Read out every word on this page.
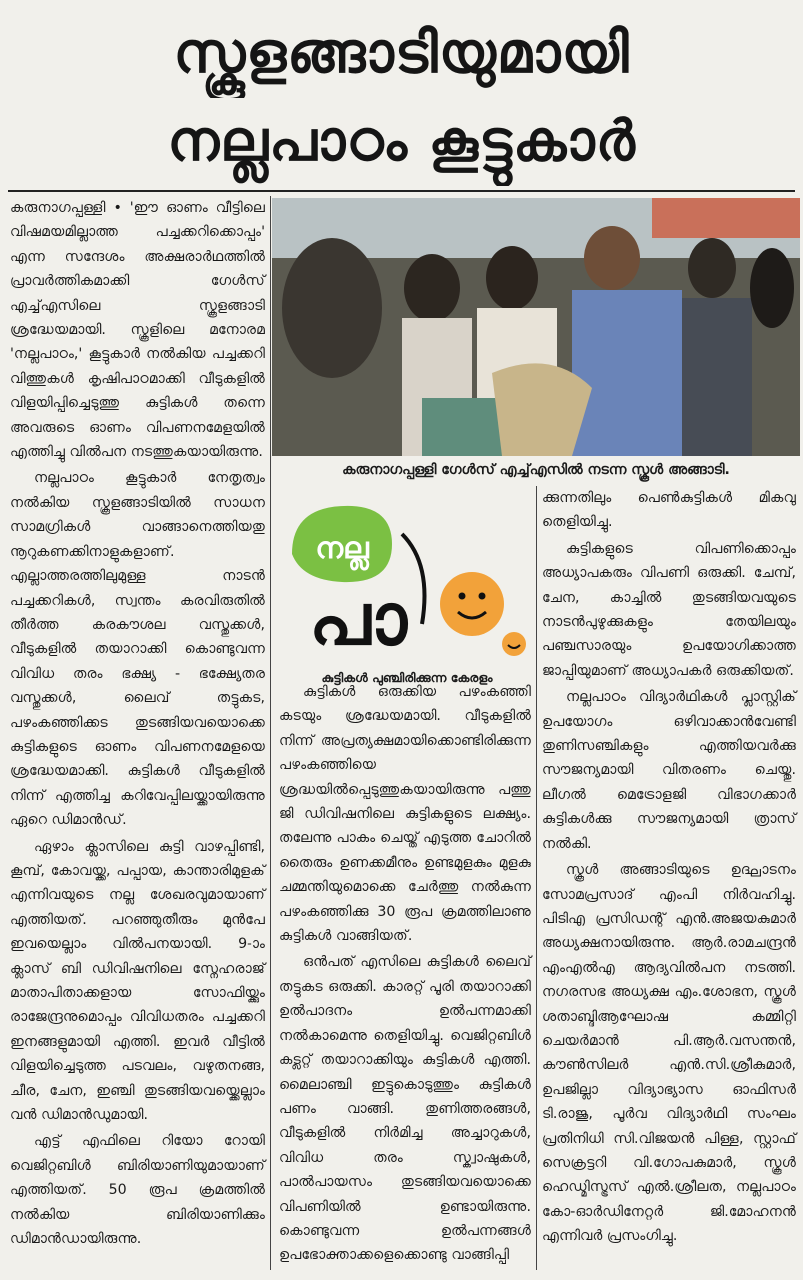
സ്കൂളങ്ങാടിയുമായി
നല്ലപാഠം കൂട്ടുകാർ
കരുനാഗപ്പള്ളി ഗേൾസ് എച്ച്എസിൽ നടന്ന സ്കൂൾ അങ്ങാടി.
നല്ല
പാ
കുട്ടികൾ പുഞ്ചിരിക്കുന്ന കേരളം

കരുനാഗപ്പള്ളി • 'ഈ ഓണം വീട്ടിലെ വിഷമയമില്ലാത്ത പച്ചക്കറിക്കൊപ്പം' എന്ന സന്ദേശം അക്ഷരാർഥത്തിൽ പ്രാവർത്തികമാക്കി ഗേൾസ് എച്ച്എസിലെ സ്കൂളങ്ങാടി ശ്രദ്ധേയമായി. സ്കൂളിലെ മനോരമ 'നല്ലപാഠം,' കൂട്ടുകാർ നൽകിയ പച്ചക്കറി വിത്തുകൾ കൃഷിപാഠമാക്കി വീടുകളിൽ വിളയിപ്പിച്ചെടുത്തു കുട്ടികൾ തന്നെ അവരുടെ ഓണം വിപണനമേളയിൽ എത്തിച്ചു വിൽപന നടത്തുകയായിരുന്നു.

നല്ലപാഠം കൂട്ടുകാർ നേതൃത്വം നൽകിയ സ്കൂളങ്ങാടിയിൽ സാധന സാമഗ്രികൾ വാങ്ങാനെത്തിയതു നൂറുകണക്കിനാളുകളാണ്. എല്ലാത്തരത്തിലുമുള്ള നാടൻ പച്ചക്കറികൾ, സ്വന്തം കരവിരുതിൽ തീർത്ത കരകൗശല വസ്തുക്കൾ, വീടുകളിൽ തയാറാക്കി കൊണ്ടുവന്ന വിവിധ തരം ഭക്ഷ്യ - ഭക്ഷ്യേതര വസ്തുക്കൾ, ലൈവ് തട്ടുകട, പഴംകഞ്ഞിക്കട തുടങ്ങിയവയൊക്കെ കുട്ടികളുടെ ഓണം വിപണനമേളയെ ശ്രദ്ധേയമാക്കി. കുട്ടികൾ വീടുകളിൽ നിന്ന് എത്തിച്ച കറിവേപ്പിലയ്ക്കായിരുന്നു ഏറെ ഡിമാൻഡ്.

ഏഴാം ക്ലാസിലെ കുട്ടി വാഴപ്പിണ്ടി, കൂമ്പ്, കോവയ്ക്ക, പപ്പായ, കാന്താരിമുളക് എന്നിവയുടെ നല്ല ശേഖരവുമായാണ് എത്തിയത്. പറഞ്ഞുതീരും മുൻപേ ഇവയെല്ലാം വിൽപനയായി. 9-ാം ക്ലാസ് ബി ഡിവിഷനിലെ സ്നേഹരാജ് മാതാപിതാക്കളായ സോഫിയ്ക്കും രാജേന്ദ്രനുമൊപ്പം വിവിധതരം പച്ചക്കറി ഇനങ്ങളുമായി എത്തി. ഇവർ വീട്ടിൽ വിളയിച്ചെടുത്ത പടവലം, വഴുതനങ്ങ, ചീര, ചേന, ഇഞ്ചി തുടങ്ങിയവയ്ക്കെല്ലാം വൻ ഡിമാൻഡുമായി.

എട്ട് എഫിലെ റിയോ റോയി വെജിറ്റബിൾ ബിരിയാണിയുമായാണ് എത്തിയത്. 50 രൂപ ക്രമത്തിൽ നൽകിയ ബിരിയാണിക്കും ഡിമാൻഡായിരുന്നു.

കുട്ടികൾ ഒരുക്കിയ പഴംകഞ്ഞി കടയും ശ്രദ്ധേയമായി. വീടുകളിൽ നിന്ന് അപ്രത്യക്ഷമായിക്കൊണ്ടിരിക്കുന്ന പഴംകഞ്ഞിയെ ശ്രദ്ധയിൽപ്പെടുത്തുകയായിരുന്നു പത്തു ജി ഡിവിഷനിലെ കുട്ടികളുടെ ലക്ഷ്യം. തലേന്നു പാകം ചെയ്ത് എടുത്ത ചോറിൽ തൈരും ഉണക്കമീനും ഉണ്ടമുളകും മുളകു ചമ്മന്തിയുമൊക്കെ ചേർത്തു നൽകുന്ന പഴംകഞ്ഞിക്കു 30 രൂപ ക്രമത്തിലാണു കുട്ടികൾ വാങ്ങിയത്.

ഒൻപത് എസിലെ കുട്ടികൾ ലൈവ് തട്ടുകട ഒരുക്കി. കാരറ്റ് പൂരി തയാറാക്കി ഉൽപാദനം ഉൽപന്നമാക്കി നൽകാമെന്നു തെളിയിച്ചു. വെജിറ്റബിൾ കട്ലറ്റ് തയാറാക്കിയും കുട്ടികൾ എത്തി. മൈലാഞ്ചി ഇട്ടുകൊടുത്തും കുട്ടികൾ പണം വാങ്ങി. തുണിത്തരങ്ങൾ, വീടുകളിൽ നിർമിച്ച അച്ചാറുകൾ, വിവിധ തരം സ്ക്വാഷുകൾ, പാൽപായസം തുടങ്ങിയവയൊക്കെ വിപണിയിൽ ഉണ്ടായിരുന്നു. കൊണ്ടുവന്ന ഉൽപന്നങ്ങൾ ഉപഭോക്താക്കളെക്കൊണ്ടു വാങ്ങിപ്പി

ക്കുന്നതിലും പെൺകുട്ടികൾ മികവു തെളിയിച്ചു.

കുട്ടികളുടെ വിപണിക്കൊപ്പം അധ്യാപകരും വിപണി ഒരുക്കി. ചേമ്പ്, ചേന, കാച്ചിൽ തുടങ്ങിയവയുടെ നാടൻപുഴുക്കുകളും തേയിലയും പഞ്ചസാരയും ഉപയോഗിക്കാത്ത ജാപ്പിയുമാണ് അധ്യാപകർ ഒരുക്കിയത്.

നല്ലപാഠം വിദ്യാർഥികൾ പ്ലാസ്റ്റിക് ഉപയോഗം ഒഴിവാക്കാൻവേണ്ടി തുണിസഞ്ചികളും എത്തിയവർക്കു സൗജന്യമായി വിതരണം ചെയ്തു. ലീഗൽ മെട്രോളജി വിഭാഗക്കാർ കുട്ടികൾക്കു സൗജന്യമായി ത്രാസ് നൽകി.

സ്കൂൾ അങ്ങാടിയുടെ ഉദ്ഘാടനം സോമപ്രസാദ് എംപി നിർവഹിച്ചു. പിടിഎ പ്രസിഡന്റ് എൻ.അജയകുമാർ അധ്യക്ഷനായിരുന്നു. ആർ.രാമചന്ദ്രൻ എംഎൽഎ ആദ്യവിൽപന നടത്തി. നഗരസഭ അധ്യക്ഷ എം.ശോഭന, സ്കൂൾ ശതാബ്ദിആഘോഷ കമ്മിറ്റി ചെയർമാൻ പി.ആർ.വസന്തൻ, കൗൺസിലർ എൻ.സി.ശ്രീകുമാർ, ഉപജില്ലാ വിദ്യാഭ്യാസ ഓഫിസർ ടി.രാജു, പൂർവ വിദ്യാർഥി സംഘം പ്രതിനിധി സി.വിജയൻ പിള്ള, സ്റ്റാഫ് സെക്രട്ടറി വി.ഗോപകുമാർ, സ്കൂൾ ഹെഡ്മിസ്ട്രസ് എൽ.ശ്രീലത, നല്ലപാഠം കോ-ഓർഡിനേറ്റർ ജി.മോഹനൻ എന്നിവർ പ്രസംഗിച്ചു.
